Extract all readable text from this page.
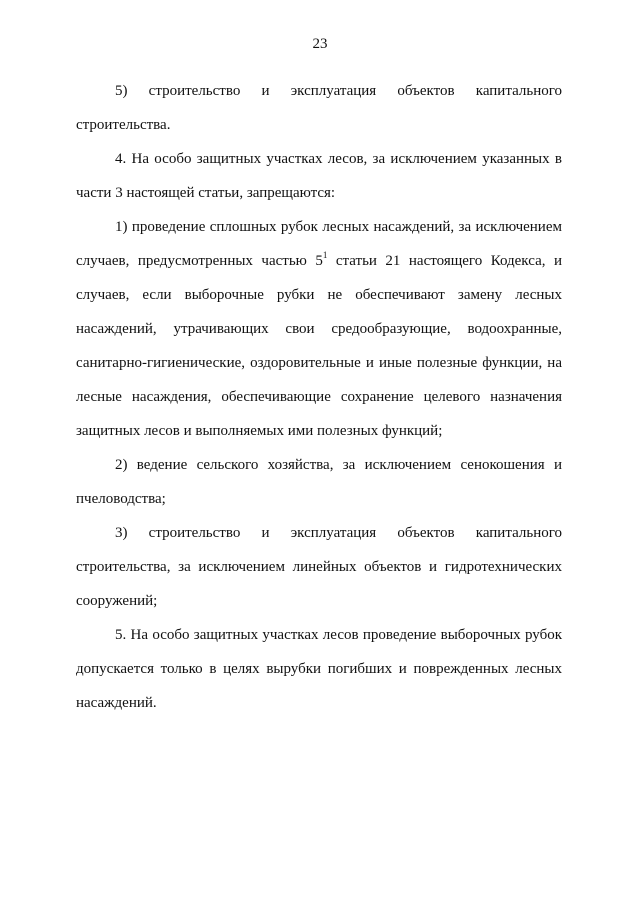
23

5) строительство и эксплуатация объектов капитального строительства.

4. На особо защитных участках лесов, за исключением указанных в части 3 настоящей статьи, запрещаются:

1) проведение сплошных рубок лесных насаждений, за исключением случаев, предусмотренных частью $5^1$ статьи 21 настоящего Кодекса, и случаев, если выборочные рубки не обеспечивают замену лесных насаждений, утрачивающих свои средообразующие, водоохранные, санитарно-гигиенические, оздоровительные и иные полезные функции, на лесные насаждения, обеспечивающие сохранение целевого назначения защитных лесов и выполняемых ими полезных функций;

2) ведение сельского хозяйства, за исключением сенокошения и пчеловодства;

3) строительство и эксплуатация объектов капитального строительства, за исключением линейных объектов и гидротехнических сооружений;

5. На особо защитных участках лесов проведение выборочных рубок допускается только в целях вырубки погибших и поврежденных лесных насаждений.
